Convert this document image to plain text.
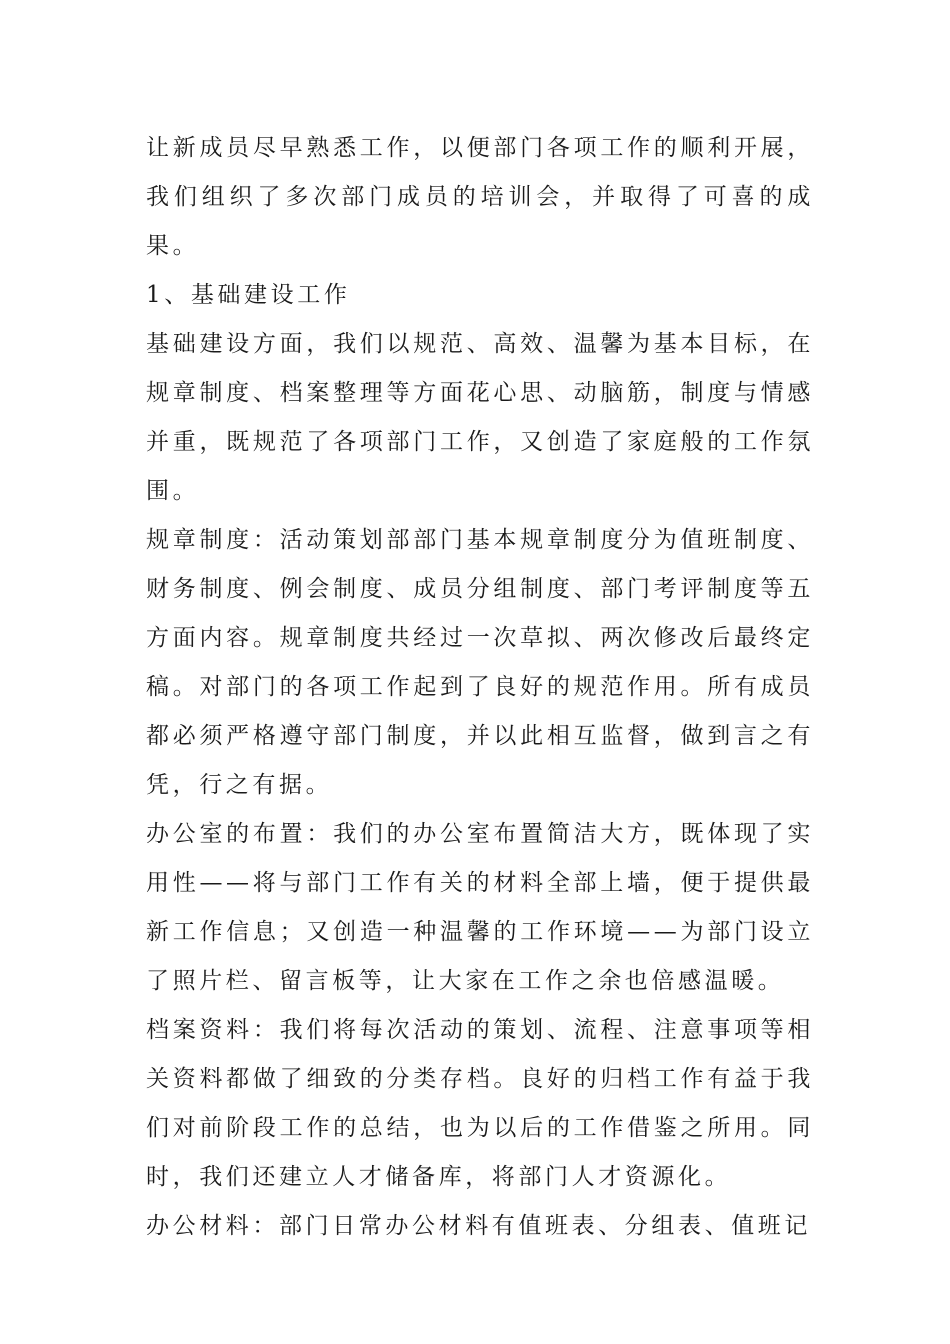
让新成员尽早熟悉工作，以便部门各项工作的顺利开展，我们组织了多次部门成员的培训会，并取得了可喜的成果。

1、基础建设工作

基础建设方面，我们以规范、高效、温馨为基本目标，在规章制度、档案整理等方面花心思、动脑筋，制度与情感并重，既规范了各项部门工作，又创造了家庭般的工作氛围。

规章制度：活动策划部部门基本规章制度分为值班制度、财务制度、例会制度、成员分组制度、部门考评制度等五方面内容。规章制度共经过一次草拟、两次修改后最终定稿。对部门的各项工作起到了良好的规范作用。所有成员都必须严格遵守部门制度，并以此相互监督，做到言之有凭，行之有据。

办公室的布置：我们的办公室布置简洁大方，既体现了实用性——将与部门工作有关的材料全部上墙，便于提供最新工作信息；又创造一种温馨的工作环境——为部门设立了照片栏、留言板等，让大家在工作之余也倍感温暖。

档案资料：我们将每次活动的策划、流程、注意事项等相关资料都做了细致的分类存档。良好的归档工作有益于我们对前阶段工作的总结，也为以后的工作借鉴之所用。同时，我们还建立人才储备库，将部门人才资源化。

办公材料：部门日常办公材料有值班表、分组表、值班记
